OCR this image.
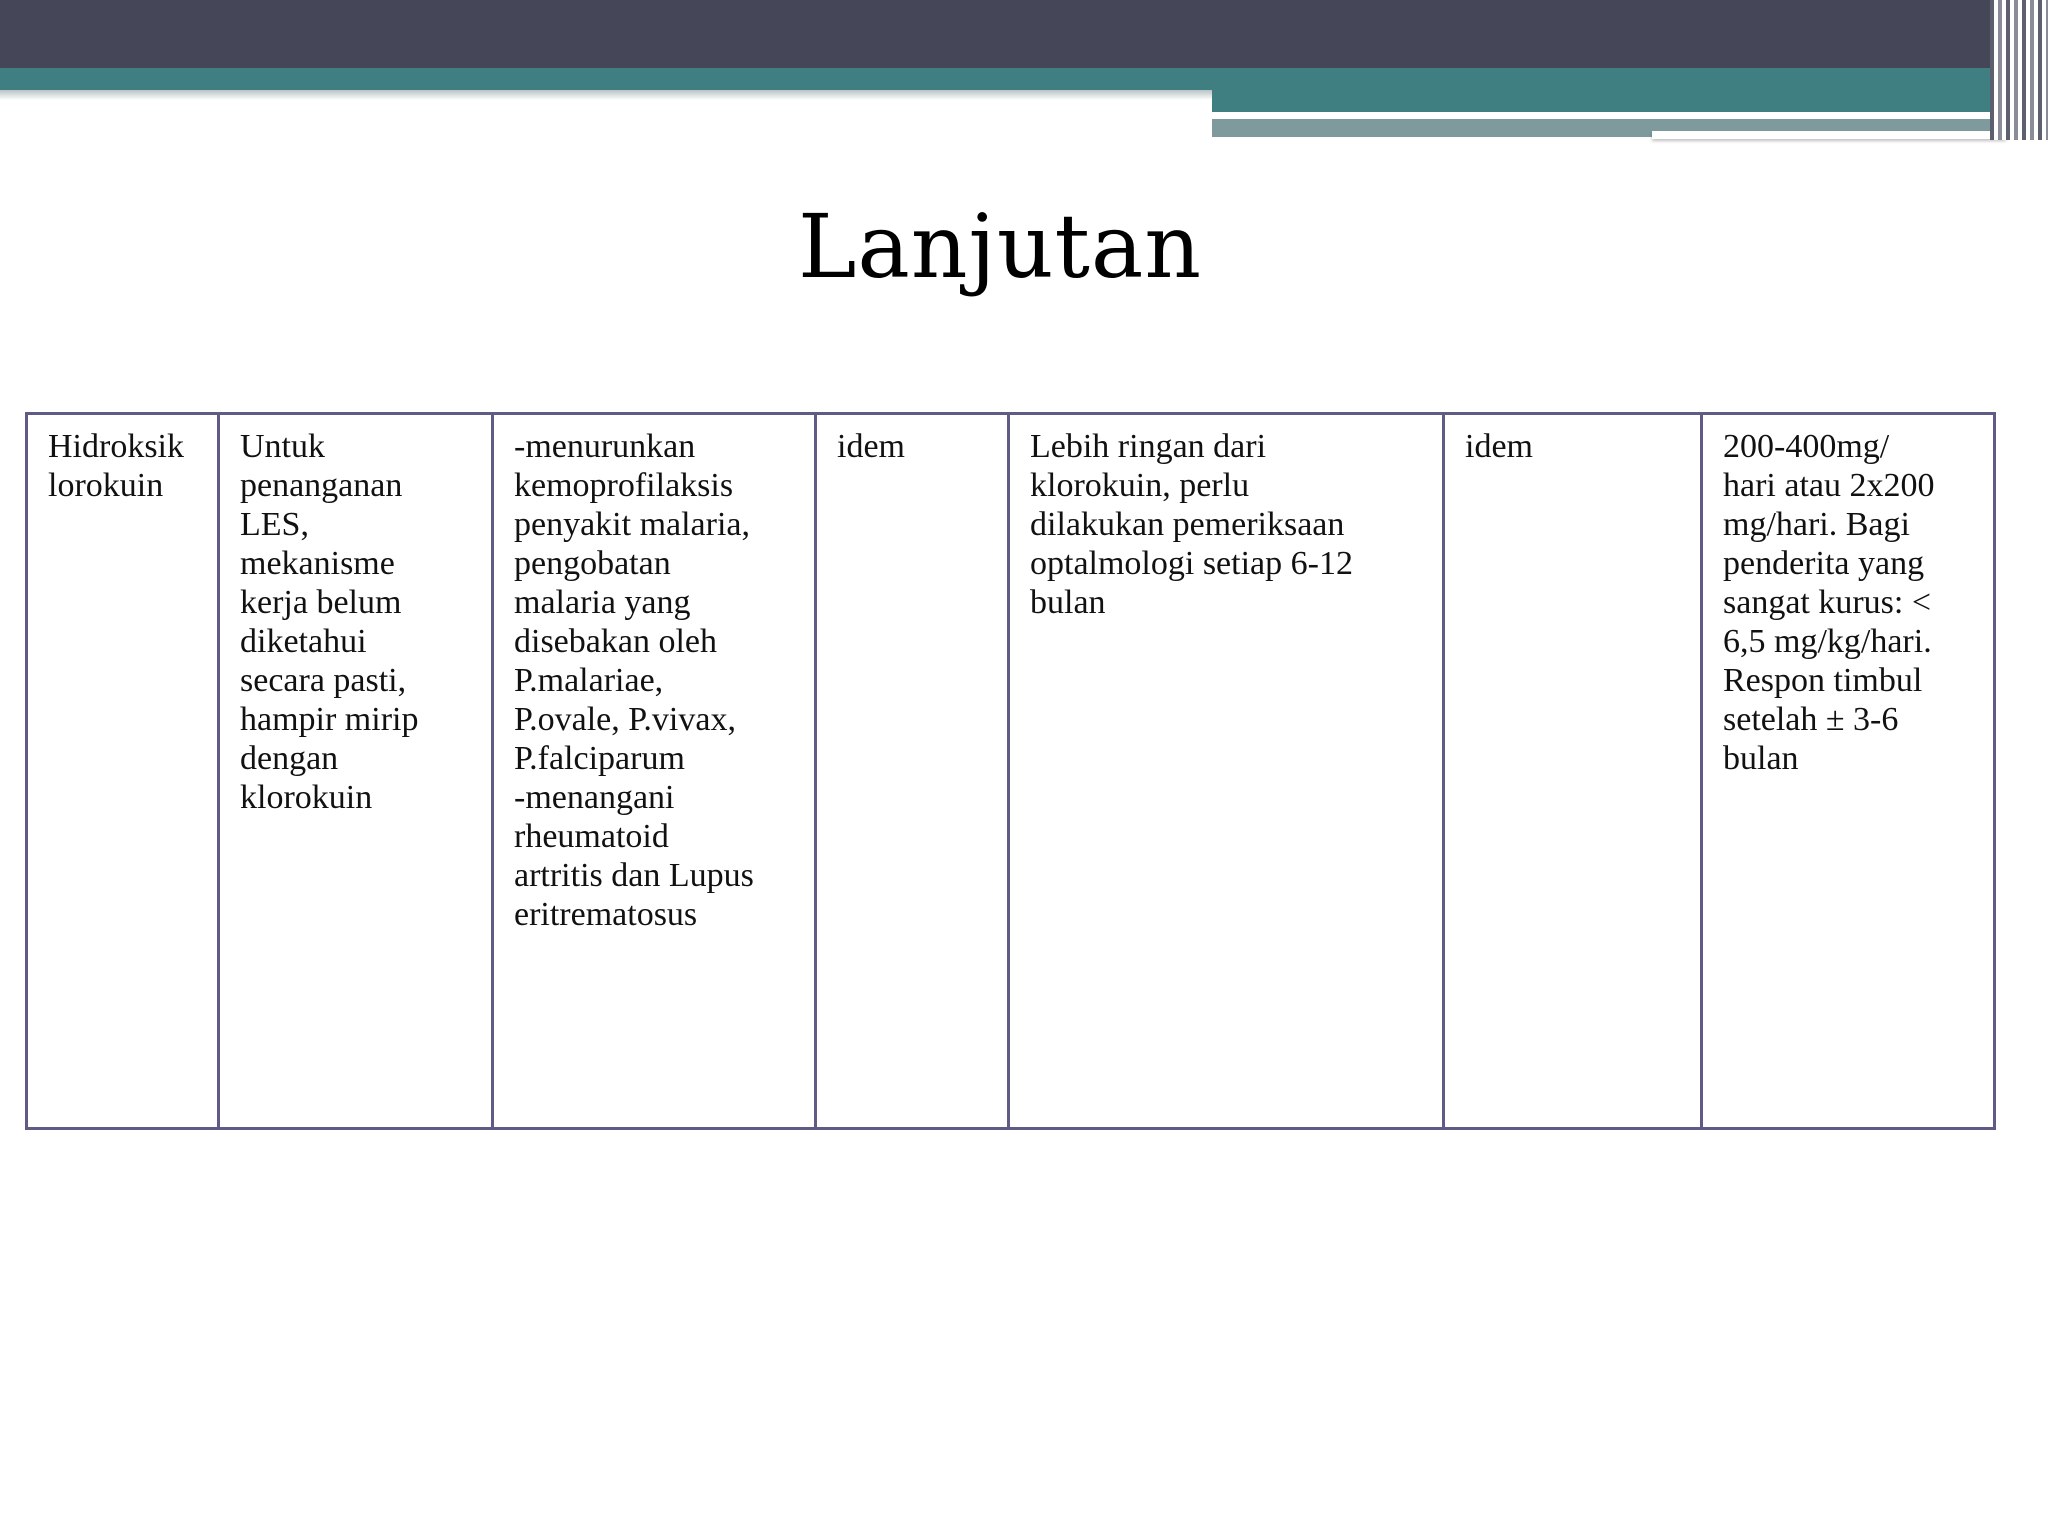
Lanjutan
Hidroksik
lorokuin	Untuk
penanganan
LES,
mekanisme
kerja belum
diketahui
secara pasti,
hampir mirip
dengan
klorokuin	-menurunkan
kemoprofilaksis
penyakit malaria,
pengobatan
malaria yang
disebakan oleh
P.malariae,
P.ovale, P.vivax,
P.falciparum
-menangani
rheumatoid
artritis dan Lupus
eritrematosus	idem	Lebih ringan dari
klorokuin, perlu
dilakukan pemeriksaan
optalmologi setiap 6-12
bulan	idem	200-400mg/
hari atau 2x200
mg/hari. Bagi
penderita yang
sangat kurus: <
6,5 mg/kg/hari.
Respon timbul
setelah ± 3-6
bulan
